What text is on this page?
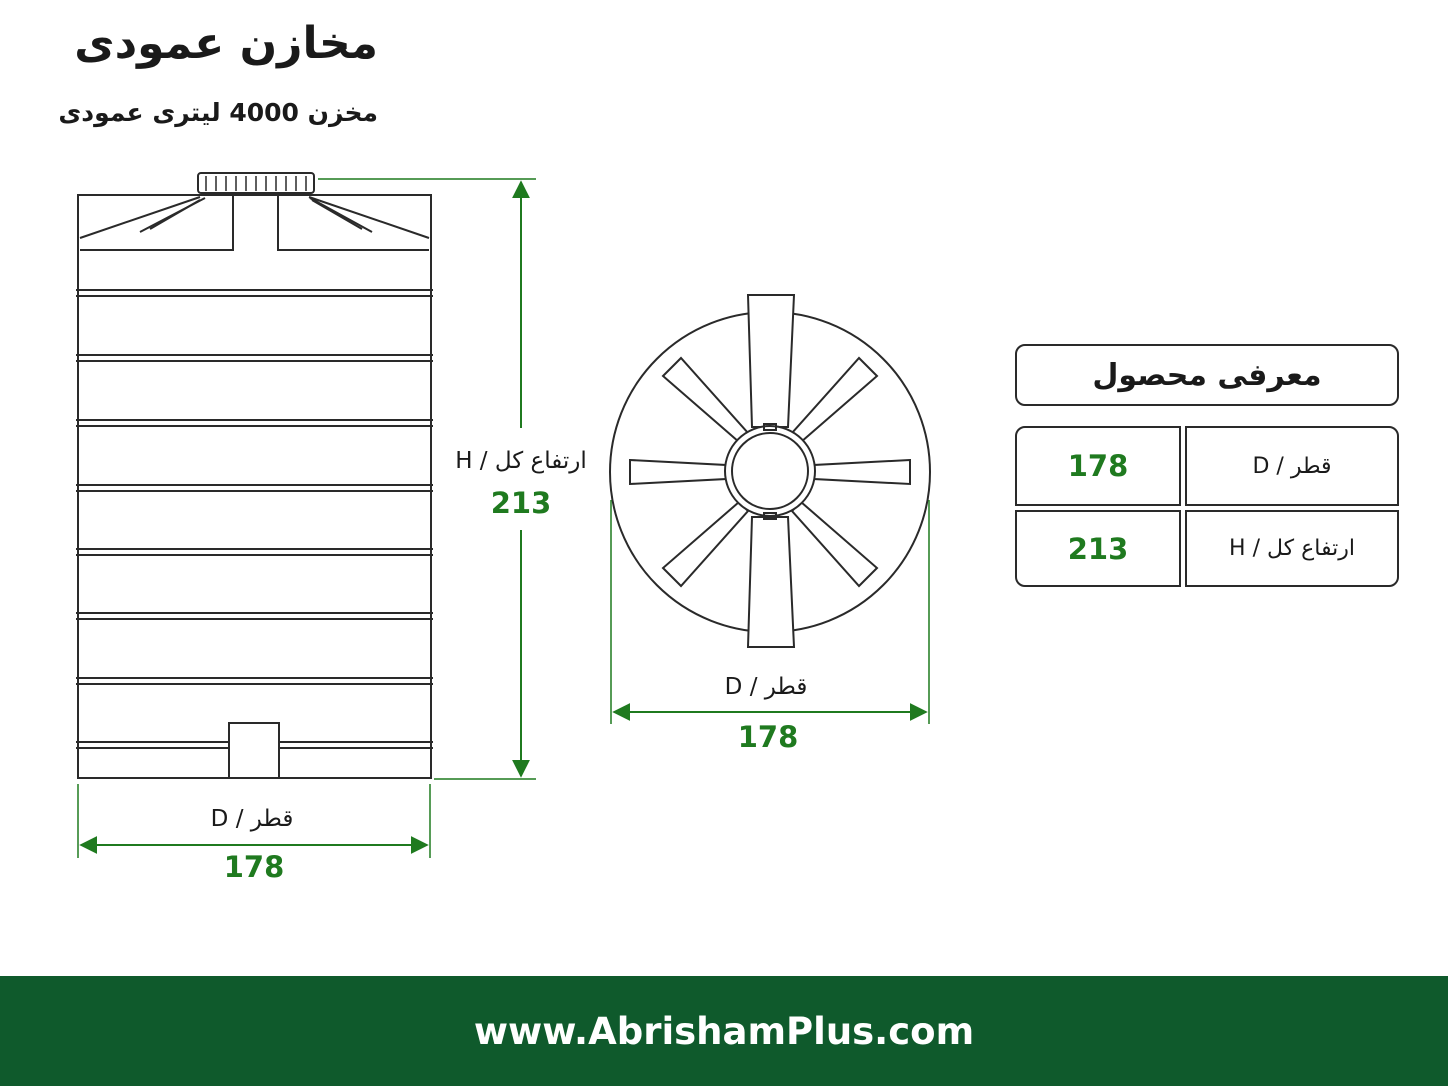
مخازن عمودی
مخزن 4000 لیتری عمودی
ارتفاع کل / H
213
قطر / D
178
قطر / D
178
معرفی محصول
178	قطر / D
213	ارتفاع کل / H
www.AbrishamPlus.com
